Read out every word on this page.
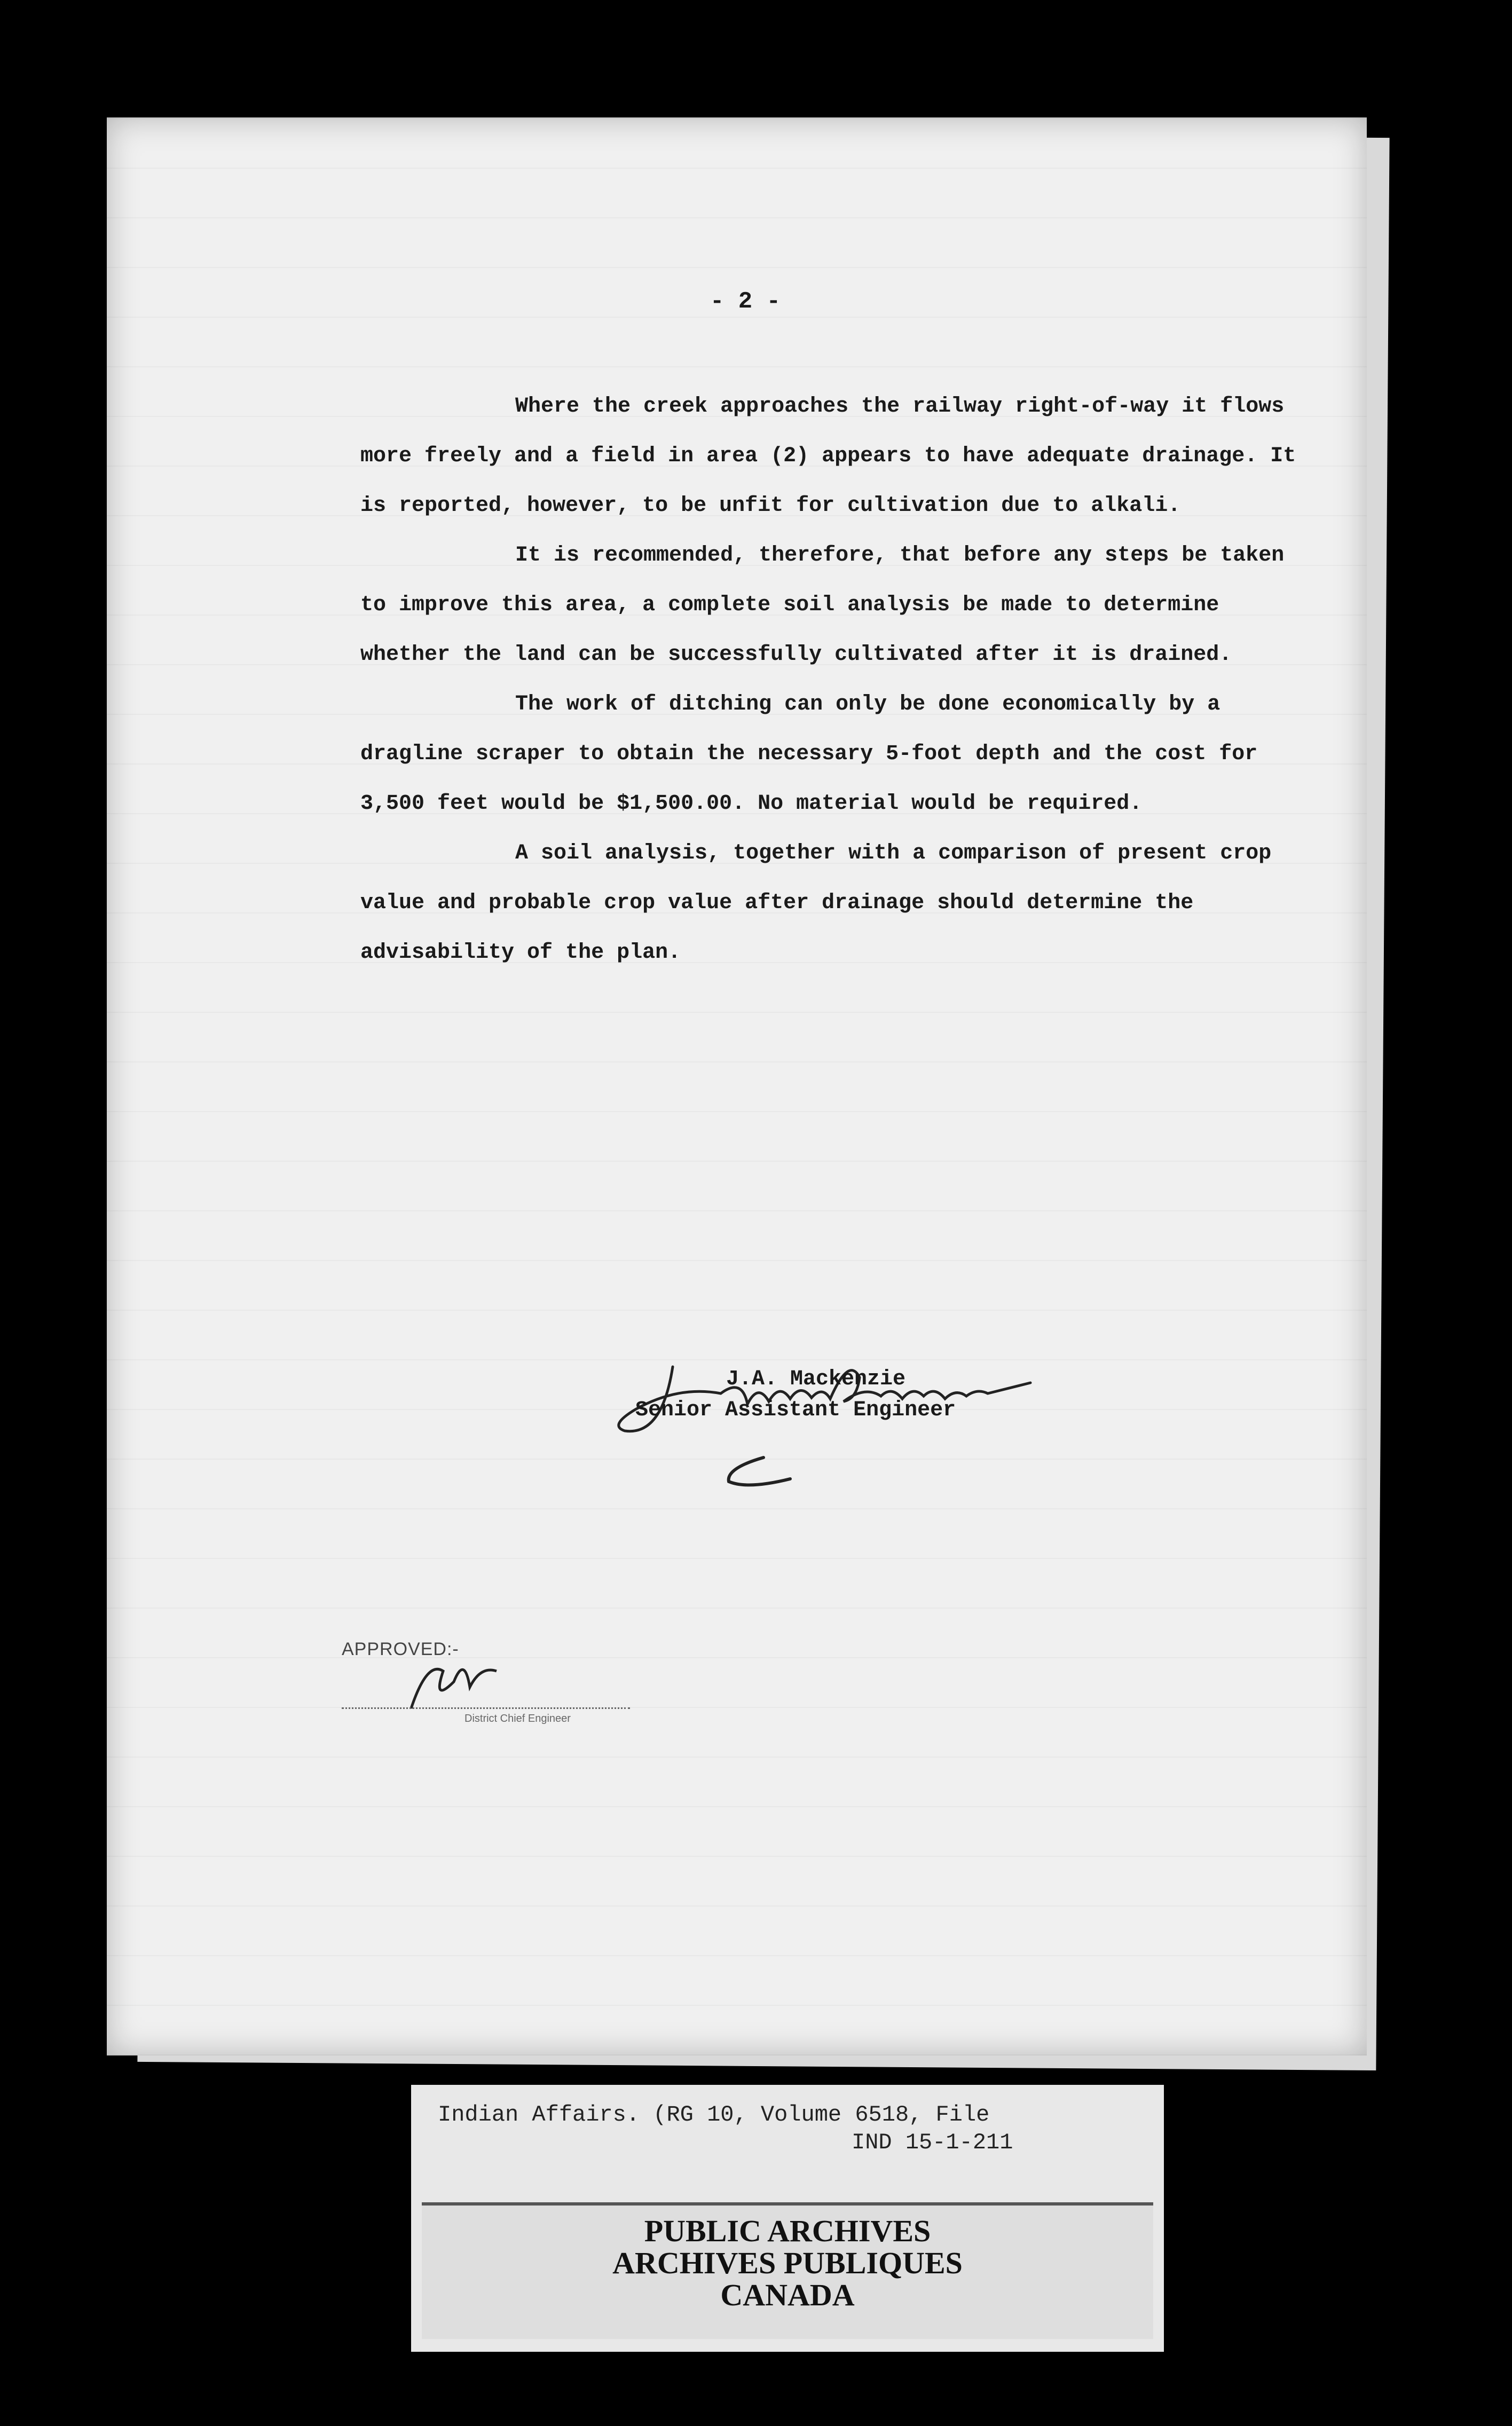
- 2 -

Where the creek approaches the railway right-of-way it flows more freely and a field in area (2) appears to have adequate drainage. It is reported, however, to be unfit for cultivation due to alkali.

It is recommended, therefore, that before any steps be taken to improve this area, a complete soil analysis be made to determine whether the land can be successfully cultivated after it is drained.

The work of ditching can only be done economically by a dragline scraper to obtain the necessary 5-foot depth and the cost for 3,500 feet would be $1,500.00. No material would be required.

A soil analysis, together with a comparison of present crop value and probable crop value after drainage should determine the advisability of the plan.

J.A. Mackenzie
Senior Assistant Engineer
APPROVED:-
District Chief Engineer
Indian Affairs. (RG 10, Volume 6518, File
IND 15-1-211
PUBLIC ARCHIVES
ARCHIVES PUBLIQUES
CANADA
